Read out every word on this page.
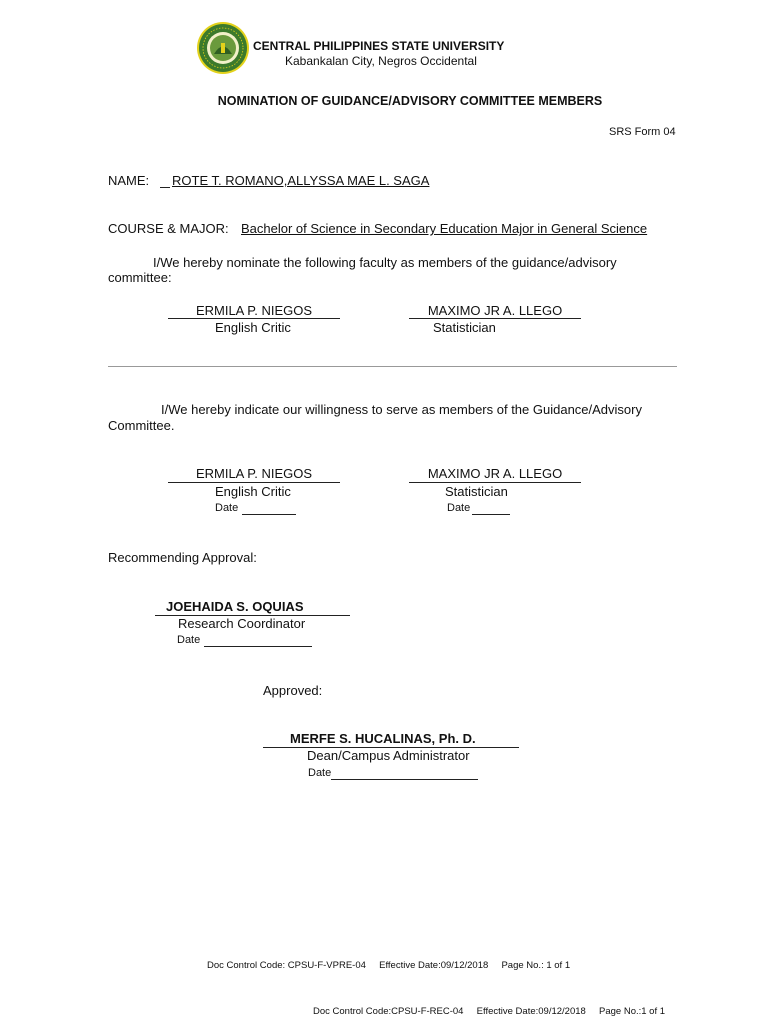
CENTRAL PHILIPPINES STATE UNIVERSITY
Kabankalan City, Negros Occidental
NOMINATION OF GUIDANCE/ADVISORY COMMITTEE MEMBERS
SRS Form 04
NAME: ROTE T. ROMANO,ALLYSSA MAE L. SAGA
COURSE & MAJOR: Bachelor of Science in Secondary Education Major in General Science
I/We hereby nominate the following faculty as members of the guidance/advisory
committee:
ERMILA P. NIEGOS
English Critic
MAXIMO JR A. LLEGO
Statistician
I/We hereby indicate our willingness to serve as members of the Guidance/Advisory
Committee.
ERMILA P. NIEGOS
English Critic
Date
MAXIMO JR A. LLEGO
Statistician
Date
Recommending Approval:
JOEHAIDA S. OQUIAS
Research Coordinator
Date
Approved:
MERFE S. HUCALINAS, Ph. D.
Dean/Campus Administrator
Date
Doc Control Code: CPSU-F-VPRE-04     Effective Date:09/12/2018     Page No.: 1 of 1
Doc Control Code:CPSU-F-REC-04     Effective Date:09/12/2018     Page No.:1 of 1
